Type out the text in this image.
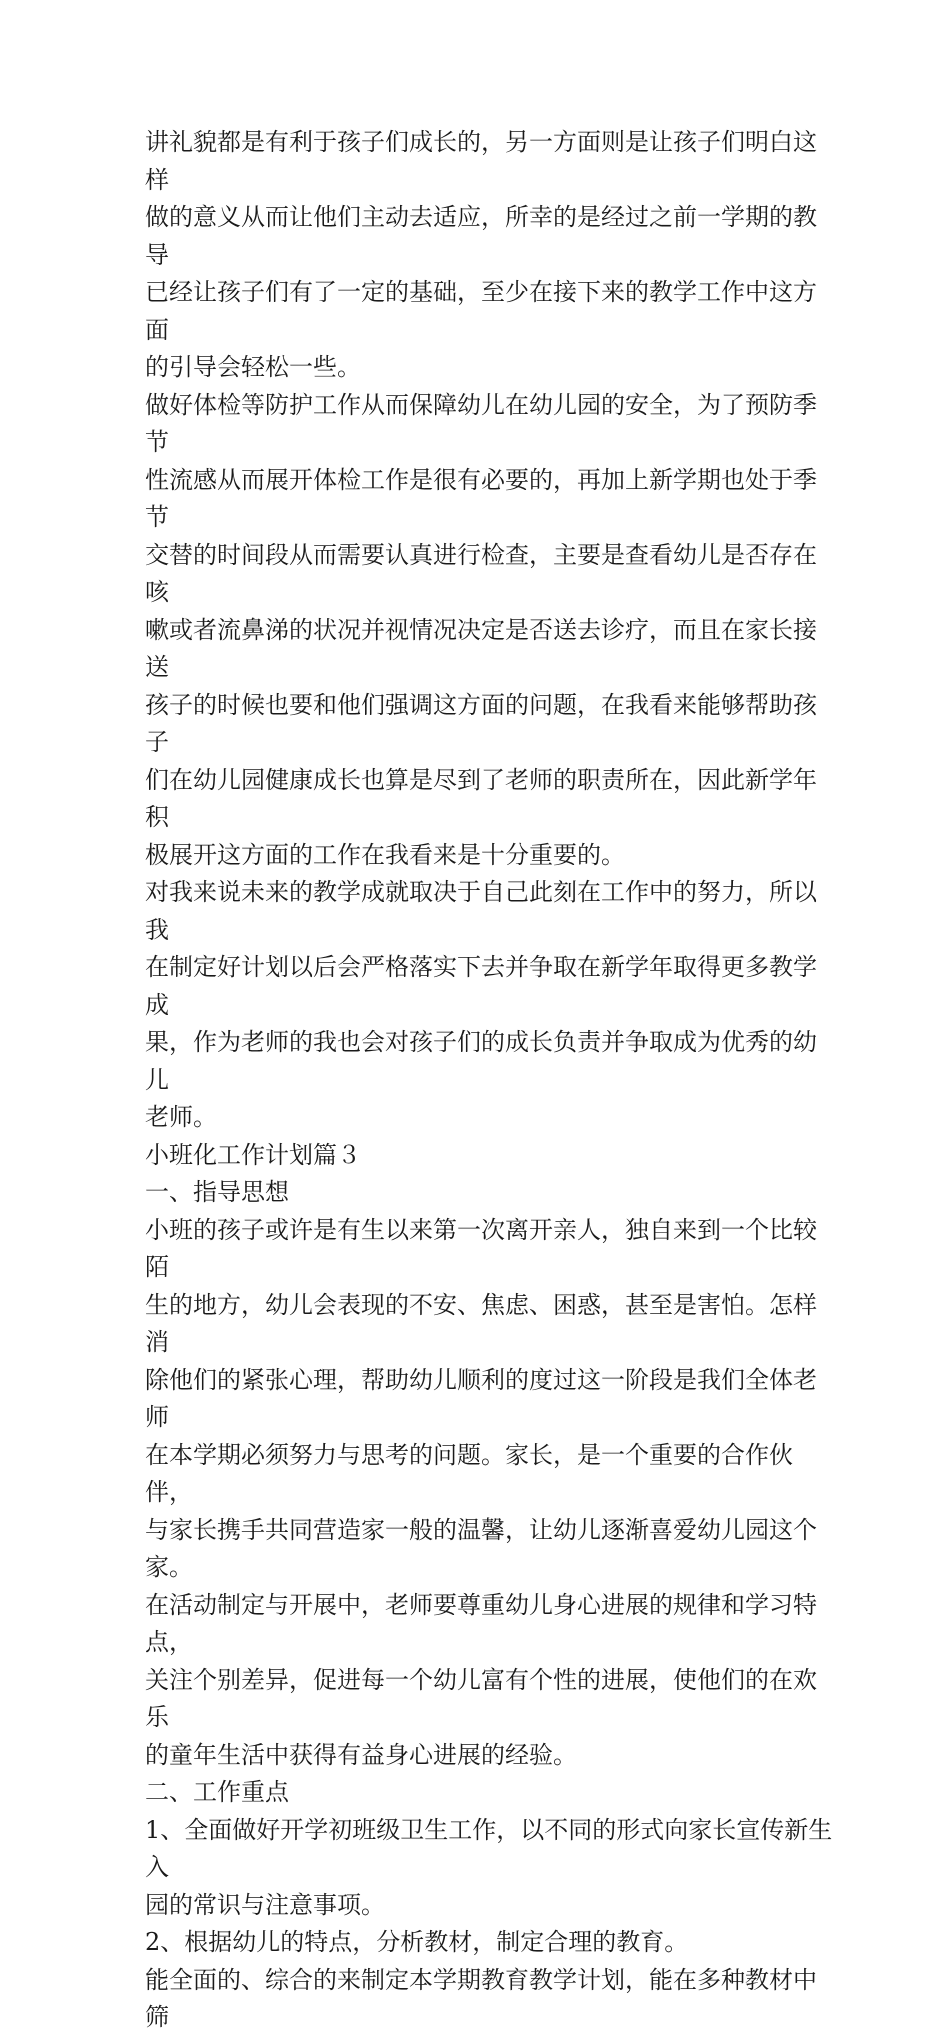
讲礼貌都是有利于孩子们成长的，另一方面则是让孩子们明白这样
做的意义从而让他们主动去适应，所幸的是经过之前一学期的教导
已经让孩子们有了一定的基础，至少在接下来的教学工作中这方面
的引导会轻松一些。

做好体检等防护工作从而保障幼儿在幼儿园的安全，为了预防季节
性流感从而展开体检工作是很有必要的，再加上新学期也处于季节
交替的时间段从而需要认真进行检查，主要是查看幼儿是否存在咳
嗽或者流鼻涕的状况并视情况决定是否送去诊疗，而且在家长接送
孩子的时候也要和他们强调这方面的问题，在我看来能够帮助孩子
们在幼儿园健康成长也算是尽到了老师的职责所在，因此新学年积
极展开这方面的工作在我看来是十分重要的。

对我来说未来的教学成就取决于自己此刻在工作中的努力，所以我
在制定好计划以后会严格落实下去并争取在新学年取得更多教学成
果，作为老师的我也会对孩子们的成长负责并争取成为优秀的幼儿
老师。

小班化工作计划篇３

一、指导思想

小班的孩子或许是有生以来第一次离开亲人，独自来到一个比较陌
生的地方，幼儿会表现的不安、焦虑、困惑，甚至是害怕。怎样消
除他们的紧张心理，帮助幼儿顺利的度过这一阶段是我们全体老师
在本学期必须努力与思考的问题。家长，是一个重要的合作伙伴，
与家长携手共同营造家一般的温馨，让幼儿逐渐喜爱幼儿园这个家。
在活动制定与开展中，老师要尊重幼儿身心进展的规律和学习特点，
关注个别差异，促进每一个幼儿富有个性的进展，使他们的在欢乐
的童年生活中获得有益身心进展的经验。

二、工作重点

1、全面做好开学初班级卫生工作，以不同的形式向家长宣传新生入
园的常识与注意事项。

2、根据幼儿的特点，分析教材，制定合理的教育。

能全面的、综合的来制定本学期教育教学计划，能在多种教材中筛
